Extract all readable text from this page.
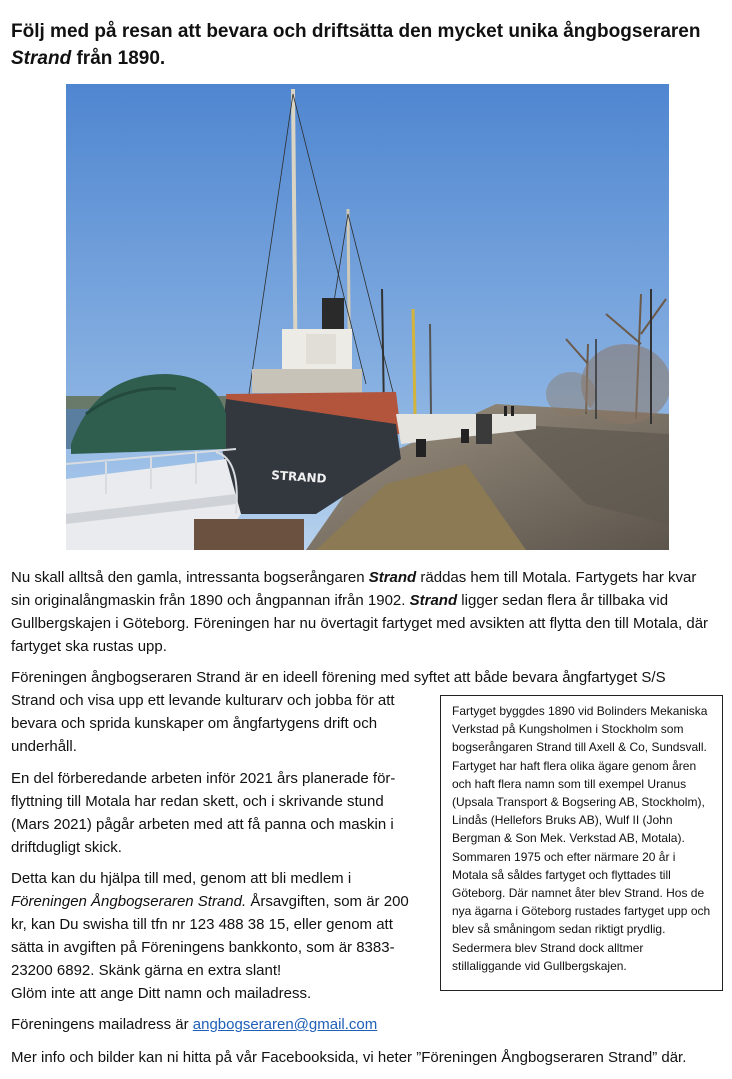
Följ med på resan att bevara och driftsätta den mycket unika ångbogseraren Strand från 1890.
STRAND

Nu skall alltså den gamla, intressanta bogserångaren Strand räddas hem till Motala. Fartygets har kvar sin originalångmaskin från 1890 och ångpannan ifrån 1902. Strand ligger sedan flera år tillbaka vid Gullbergskajen i Göteborg. Föreningen har nu övertagit fartyget med avsikten att flytta den till Motala, där fartyget ska rustas upp.

Föreningen ångbogseraren Strand är en ideell förening med syftet att både bevara ångfartyget S/S

Strand och visa upp ett levande kulturarv och jobba för att bevara och sprida kunskaper om ångfartygens drift och underhåll.

En del förberedande arbeten inför 2021 års planerade för-flyttning till Motala har redan skett, och i skrivande stund (Mars 2021) pågår arbeten med att få panna och maskin i driftdugligt skick.

Detta kan du hjälpa till med, genom att bli medlem i Föreningen Ångbogseraren Strand. Årsavgiften, som är 200 kr, kan Du swisha till tfn nr 123 488 38 15, eller genom att sätta in avgiften på Föreningens bankkonto, som är 8383-23200 6892. Skänk gärna en extra slant!
Glöm inte att ange Ditt namn och mailadress.

Föreningens mailadress är angbogseraren@gmail.com

Mer info och bilder kan ni hitta på vår Facebooksida, vi heter ”Föreningen Ångbogseraren Strand” där.

Fartyget byggdes 1890 vid Bolinders Mekaniska Verkstad på Kungsholmen i Stockholm som bogserångaren Strand till Axell & Co, Sundsvall. Fartyget har haft flera olika ägare genom åren och haft flera namn som till exempel Uranus (Upsala Transport & Bogsering AB, Stockholm), Lindås (Hellefors Bruks AB), Wulf II (John Bergman & Son Mek. Verkstad AB, Motala). Sommaren 1975 och efter närmare 20 år i Motala så såldes fartyget och flyttades till Göteborg. Där namnet åter blev Strand. Hos de nya ägarna i Göteborg rustades fartyget upp och blev så småningom sedan riktigt prydlig. Sedermera blev Strand dock alltmer stillaliggande vid Gullbergskajen.
